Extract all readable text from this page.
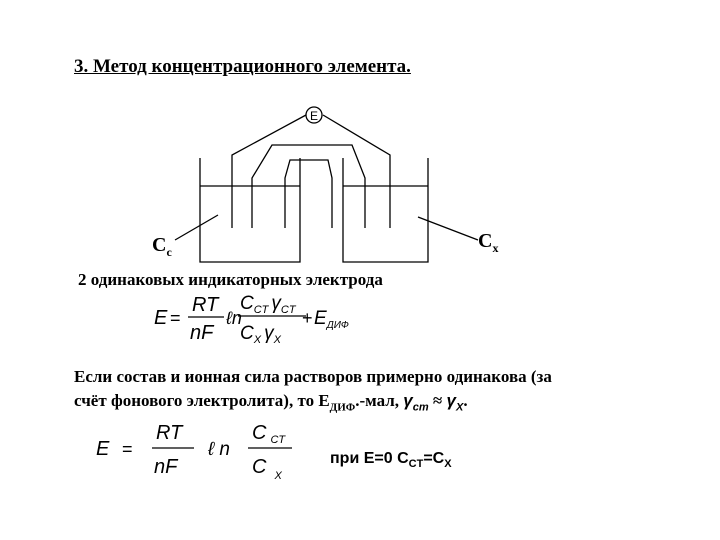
3. Метод концентрационного элемента.
E
$C_c$	$C_x$
2 одинаковых индикаторных электрода
E =
RT
nF
ℓn
$C_{CT}$ $\gamma_{CT}$
$C_X$ $\gamma_X$
+ $E_{ДИФ}$
Если состав и ионная сила растворов примерно одинакова (за
счёт фонового электролита), то $E_{ДИФ}$.-мал, $\gamma_{ст} \approx \gamma_X$.
E =
RT
nF
ℓ n
C $_{CT}$
C $_X$
при E=0 $C_{CT}=C_X$
